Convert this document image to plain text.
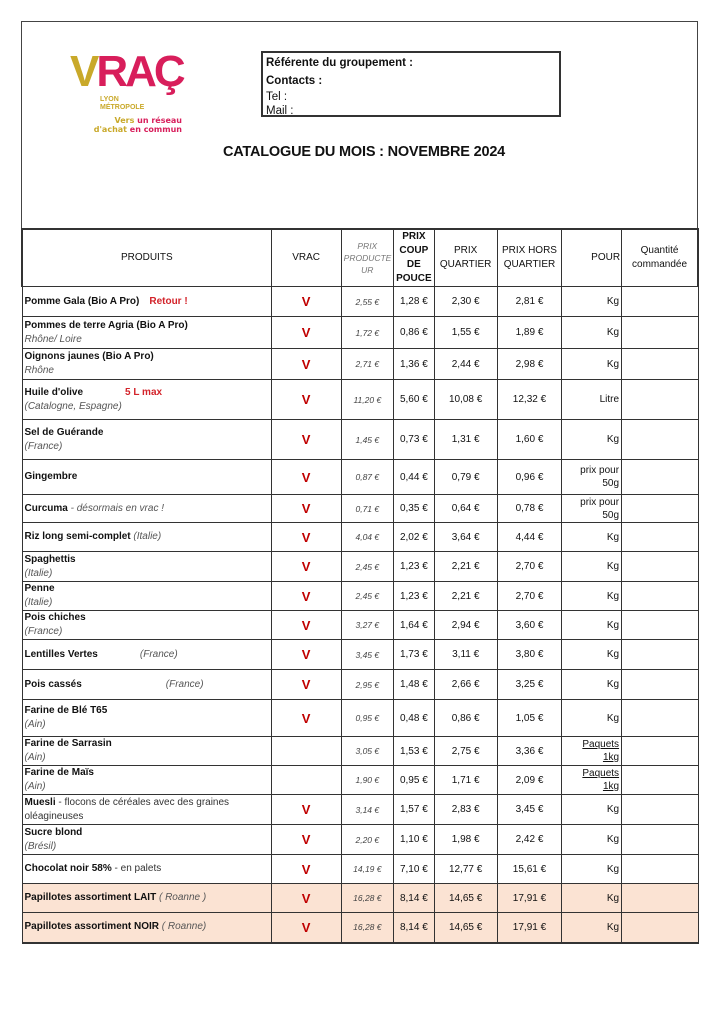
VRAÇ
LYON
MÉTROPOLE
Vers un réseau
d'achat en commun
Référente du groupement :
Contacts :
Tel :
Mail :
CATALOGUE DU MOIS : NOVEMBRE 2024
PRODUITS	VRAC	PRIX PRODUCTE UR	PRIX COUP DE POUCE	PRIX QUARTIER	PRIX HORS QUARTIER	POUR	Quantité commandée
Pomme Gala (Bio A Pro) Retour !	V	2,55 €	1,28 €	2,30 €	2,81 €	Kg	
Pommes de terre Agria (Bio A Pro)
Rhône/ Loire	V	1,72 €	0,86 €	1,55 €	1,89 €	Kg	
Oignons jaunes (Bio A Pro)
Rhône	V	2,71 €	1,36 €	2,44 €	2,98 €	Kg	
Huile d'olive 5 L max
(Catalogne, Espagne)	V	11,20 €	5,60 €	10,08 €	12,32 €	Litre	
Sel de Guérande
(France)	V	1,45 €	0,73 €	1,31 €	1,60 €	Kg	
Gingembre	V	0,87 €	0,44 €	0,79 €	0,96 €	prix pour 50g	
Curcuma - désormais en vrac !	V	0,71 €	0,35 €	0,64 €	0,78 €	prix pour 50g	
Riz long semi-complet (Italie)	V	4,04 €	2,02 €	3,64 €	4,44 €	Kg	
Spaghettis
(Italie)	V	2,45 €	1,23 €	2,21 €	2,70 €	Kg	
Penne
(Italie)	V	2,45 €	1,23 €	2,21 €	2,70 €	Kg	
Pois chiches
(France)	V	3,27 €	1,64 €	2,94 €	3,60 €	Kg	
Lentilles Vertes (France)	V	3,45 €	1,73 €	3,11 €	3,80 €	Kg	
Pois cassés (France)	V	2,95 €	1,48 €	2,66 €	3,25 €	Kg	
Farine de Blé T65
(Ain)	V	0,95 €	0,48 €	0,86 €	1,05 €	Kg	
Farine de Sarrasin
(Ain)		3,05 €	1,53 €	2,75 €	3,36 €	Paquets 1kg	
Farine de Maïs
(Ain)		1,90 €	0,95 €	1,71 €	2,09 €	Paquets 1kg	
Muesli - flocons de céréales avec des graines oléagineuses	V	3,14 €	1,57 €	2,83 €	3,45 €	Kg	
Sucre blond
(Brésil)	V	2,20 €	1,10 €	1,98 €	2,42 €	Kg	
Chocolat noir 58% - en palets	V	14,19 €	7,10 €	12,77 €	15,61 €	Kg	
Papillotes assortiment LAIT ( Roanne )	V	16,28 €	8,14 €	14,65 €	17,91 €	Kg	
Papillotes assortiment NOIR ( Roanne)	V	16,28 €	8,14 €	14,65 €	17,91 €	Kg	
